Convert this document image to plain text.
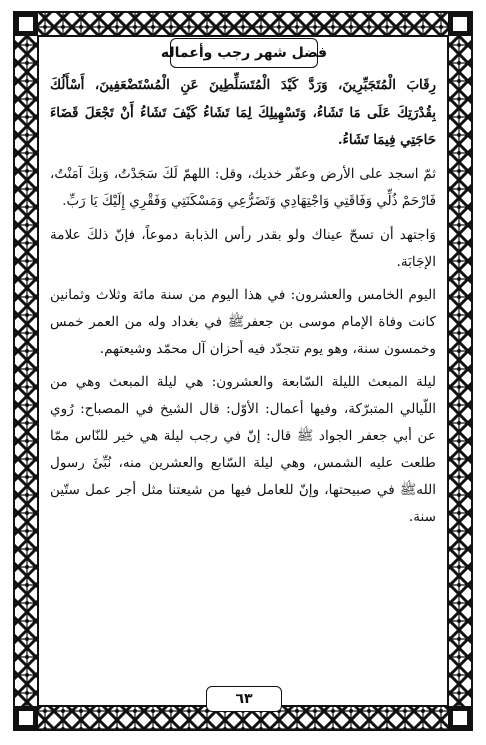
فضل شهر رجب وأعماله

رِقَابَ الْمُتَجَبِّرِينَ، وَرَدَّ كَيْدَ الْمُتَسَلِّطِينَ عَنِ الْمُسْتَضْعَفِينَ، أَسْأَلُكَ بِقُدْرَتِكَ عَلَى مَا تَشَاءُ، وَتَسْهِيلِكَ لِمَا تَشَاءُ كَيْفَ تَشَاءُ أَنْ تَجْعَلَ قَضَاءَ حَاجَتِي فِيمَا تَشَاءُ.

ثمّ اسجد على الأرض وعفّر خديك، وقل: اللهمّ لَكَ سَجَدْتُ، وَبِكَ آمَنْتُ، فَارْحَمْ ذُلِّي وَفَاقَتِي وَاجْتِهَادِي وَتَضَرُّعِي وَمَسْكَنَتِي وَفَقْرِي إِلَيْكَ يَا رَبِّ.

وَاجتهد أن تسحّ عيناك ولو بقدر رأس الذبابة دموعاً، فإنّ ذلكَ علامة الإجَابَة.

اليوم الخامس والعشرون: في هذا اليوم من سنة مائة وثلاث وثمانين كانت وفاة الإمام موسى بن جعفرﷺ في بغداد وله من العمر خمس وخمسون سنة، وهو يوم تتجدّد فيه أحزان آل محمّد وشيعتهم.

ليلة المبعث الليلة السّابعة والعشرون: هي ليلة المبعث وهي من اللّيالي المتبرّكة، وفيها أعمال: الأوّل: قال الشيخ في المصباح: رُوي عن أبي جعفر الجواد ﷺ قال: إنّ في رجب ليلة هي خير للنّاس ممّا طلعت عليه الشمس، وهي ليلة السّابع والعشرين منه، نُبِّئَ رسول اللهﷺ في صبيحتها، وإنّ للعامل فيها من شيعتنا مثل أجر عمل ستّين سنة.

٦٣
